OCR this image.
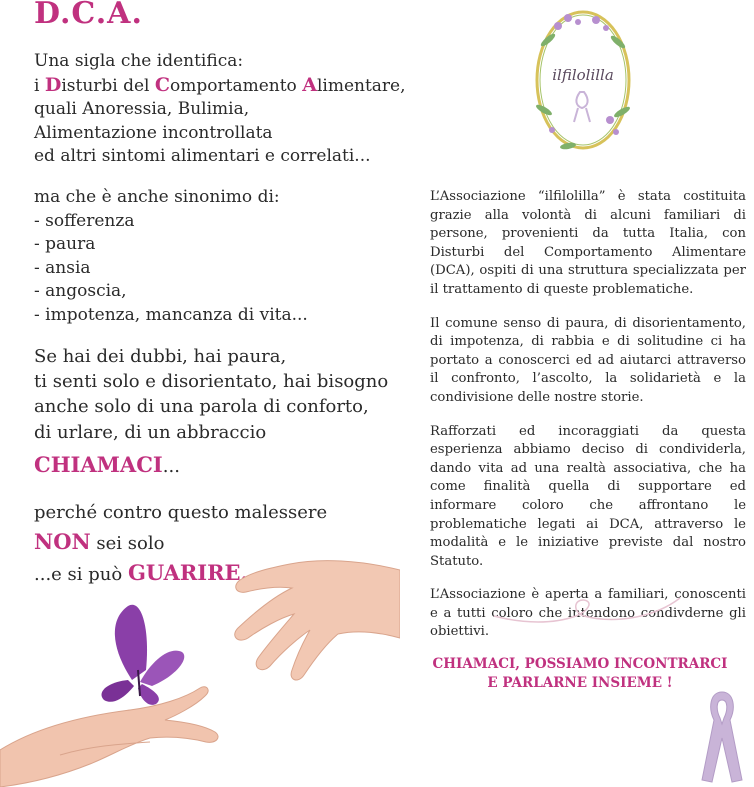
D.C.A.
Una sigla che identifica:
i Disturbi del Comportamento Alimentare,
quali Anoressia, Bulimia,
Alimentazione incontrollata
ed altri sintomi alimentari e correlati...
ma che è anche sinonimo di:
- sofferenza
- paura
- ansia
- angoscia,
- impotenza, mancanza di vita...
Se hai dei dubbi, hai paura,
ti senti solo e disorientato, hai bisogno
anche solo di una parola di conforto,
di urlare, di un abbraccio
CHIAMACI...
perché contro questo malessere
NON sei solo
...e si può GUARIRE.
ilfilolilla

L’Associazione “ilfilolilla” è stata costituita grazie alla volontà di alcuni familiari di persone, provenienti da tutta Italia, con Disturbi del Comportamento Alimentare (DCA), ospiti di una struttura specializzata per il trattamento di queste problematiche.

Il comune senso di paura, di disorientamento, di impotenza, di rabbia e di solitudine ci ha portato a conoscerci ed ad aiutarci attraverso il confronto, l’ascolto, la solidarietà e la condivisione delle nostre storie.

Rafforzati ed incoraggiati da questa esperienza abbiamo deciso di condividerla, dando vita ad una realtà associativa, che ha come finalità quella di supportare ed informare coloro che affrontano le problematiche legati ai DCA, attraverso le modalità e le iniziative previste dal nostro Statuto.

L’Associazione è aperta a familiari, conoscenti e a tutti coloro che intendono condivderne gli obiettivi.

CHIAMACI, POSSIAMO INCONTRARCI
E PARLARNE INSIEME !
